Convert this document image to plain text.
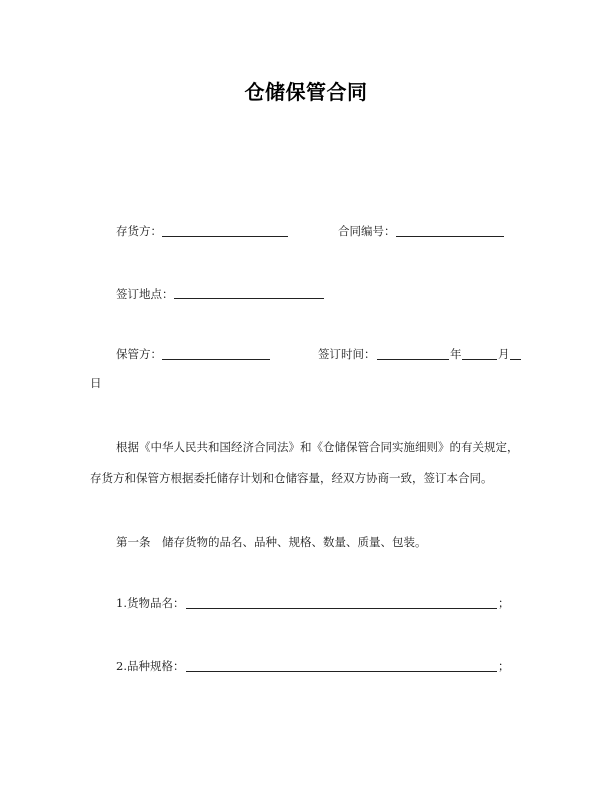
仓储保管合同
存货方：	合同编号：
签订地点：
保管方：	签订时间：	年	月
日
根据《中华人民共和国经济合同法》和《仓储保管合同实施细则》的有关规定，
存货方和保管方根据委托储存计划和仓储容量，经双方协商一致，签订本合同。
第一条　储存货物的品名、品种、规格、数量、质量、包装。
1.货物品名：	；
2.品种规格：	；
